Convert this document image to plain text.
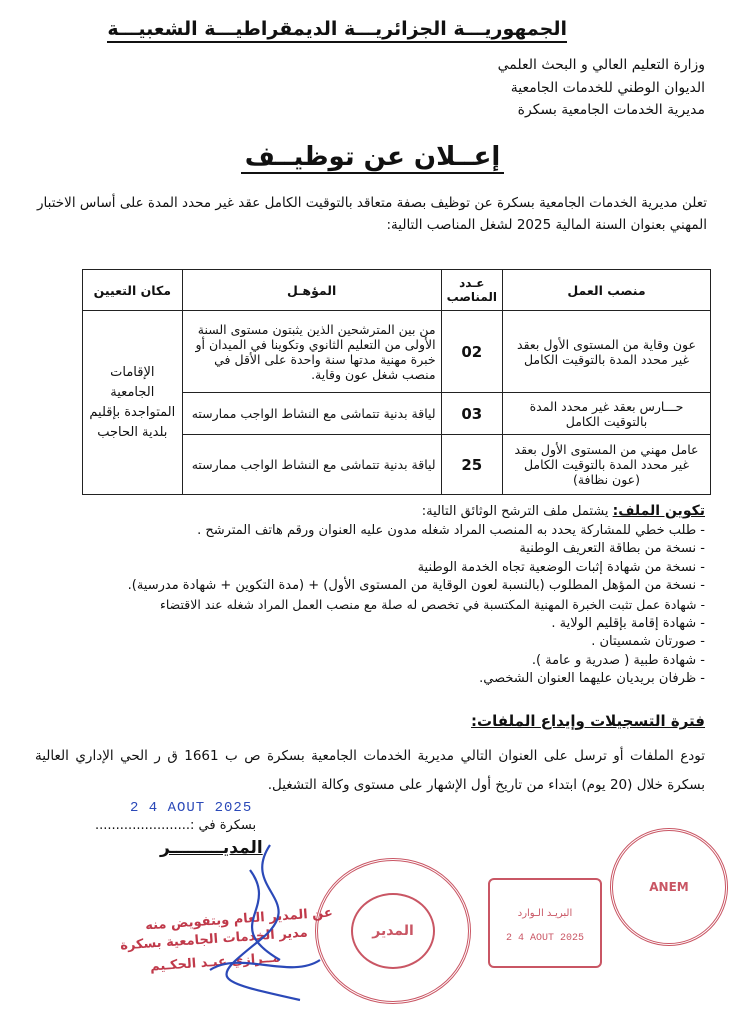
الجمهوريـــة الجزائريـــة الديمقراطيـــة الشعبيـــة
وزارة التعليم العالي و البحث العلمي
الديوان الوطني للخدمات الجامعية
مديرية الخدمات الجامعية بسكرة
إعــلان عن توظيــف
تعلن مديرية الخدمات الجامعية بسكرة عن توظيف بصفة متعاقد بالتوقيت الكامل عقد غير محدد المدة على أساس الاختبار المهني بعنوان السنة المالية 2025 لشغل المناصب التالية:
منصب العمل	عـدد المناصب	المؤهـل	مكان التعيين
عون وقاية من المستوى الأول بعقد غير محدد المدة بالتوقيت الكامل	02	من بين المترشحين الذين يثبتون مستوى السنة الأولى من التعليم الثانوي وتكوينا في الميدان أو خبرة مهنية مدتها سنة واحدة على الأقل في منصب شغل عون وقاية.	الإقامات الجامعية المتواجدة بإقليم بلدية الحاجب
حـــارس بعقد غير محدد المدة بالتوقيت الكامل	03	لياقة بدنية تتماشى مع النشاط الواجب ممارسته	
عامل مهني من المستوى الأول بعقد غير محدد المدة بالتوقيت الكامل (عون نظافة)	25	لياقة بدنية تتماشى مع النشاط الواجب ممارسته	
تكوين الملف: يشتمل ملف الترشح الوثائق التالية:
- طلب خطي للمشاركة يحدد به المنصب المراد شغله مدون عليه العنوان ورقم هاتف المترشح .
- نسخة من بطاقة التعريف الوطنية
- نسخة من شهادة إثبات الوضعية تجاه الخدمة الوطنية
- نسخة من المؤهل المطلوب (بالنسبة لعون الوقاية من المستوى الأول) + (مدة التكوين + شهادة مدرسية).
- شهادة عمل تثبت الخبرة المهنية المكتسبة في تخصص له صلة مع منصب العمل المراد شغله عند الاقتضاء
- شهادة إقامة بإقليم الولاية .
- صورتان شمسيتان .
- شهادة طبية ( صدرية و عامة ).
- ظرفان بريديان عليهما العنوان الشخصي.
فترة التسجيلات وإيداع الملفات:
تودع الملفات أو ترسل على العنوان التالي مديرية الخدمات الجامعية بسكرة ص ب 1661 ق ر الحي الإداري العالية بسكرة خلال (20 يوم) ابتداء من تاريخ أول الإشهار على مستوى وكالة التشغيل.
بسكرة في :.......................
المديـــــــــر
2 4 AOUT 2025
عن المدير العام وبتفويض منه
مدير الخدمات الجامعية بسكرة
مــرازي عبـد الحكـيم
المدير
البريـد الـوارد
2 4 AOUT 2025
ANEM
